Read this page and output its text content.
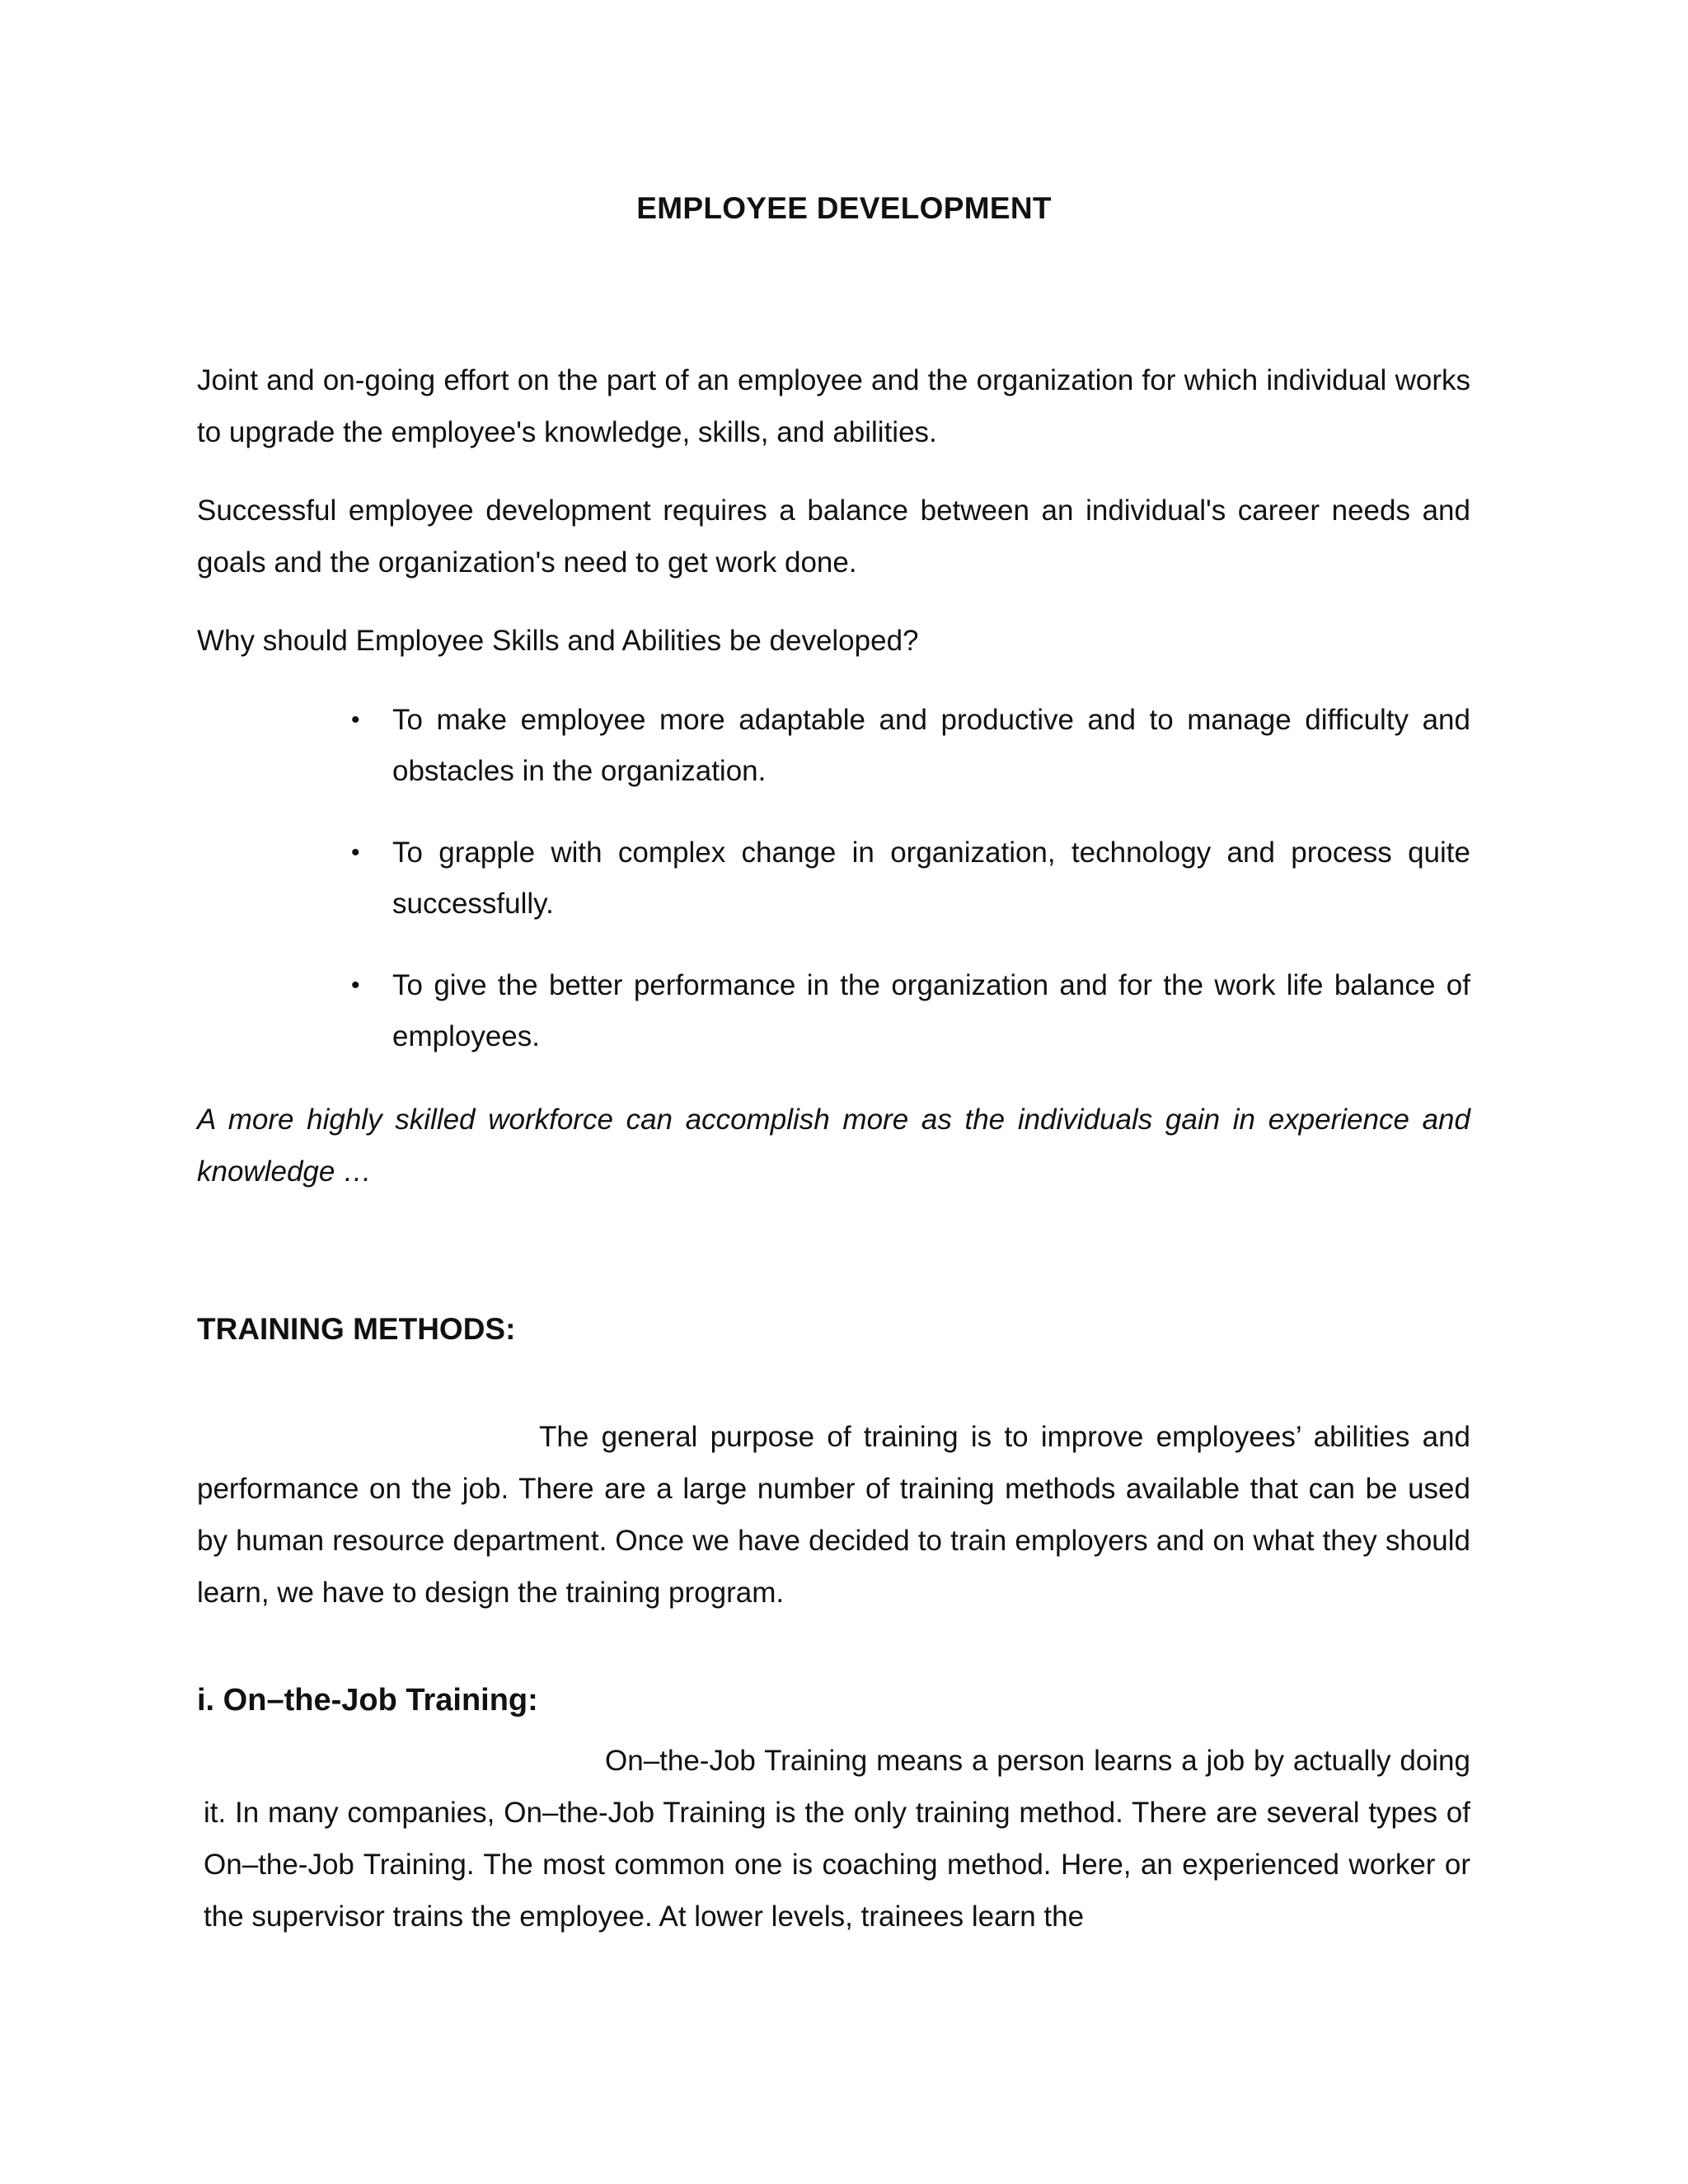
EMPLOYEE DEVELOPMENT

Joint and on-going effort on the part of an employee and the organization for which individual works to upgrade the employee's knowledge, skills, and abilities.

Successful employee development requires a balance between an individual's career needs and goals and the organization's need to get work done.

Why should Employee Skills and Abilities be developed?

• To make employee more adaptable and productive and to manage difficulty and obstacles in the organization.
• To grapple with complex change in organization, technology and process quite successfully.
• To give the better performance in the organization and for the work life balance of employees.

A more highly skilled workforce can accomplish more as the individuals gain in experience and knowledge …

TRAINING METHODS:

The general purpose of training is to improve employees’ abilities and performance on the job. There are a large number of training methods available that can be used by human resource department. Once we have decided to train employers and on what they should learn, we have to design the training program.

i. On–the-Job Training:

On–the-Job Training means a person learns a job by actually doing it. In many companies, On–the-Job Training is the only training method. There are several types of On–the-Job Training. The most common one is coaching method. Here, an experienced worker or the supervisor trains the employee. At lower levels, trainees learn the
